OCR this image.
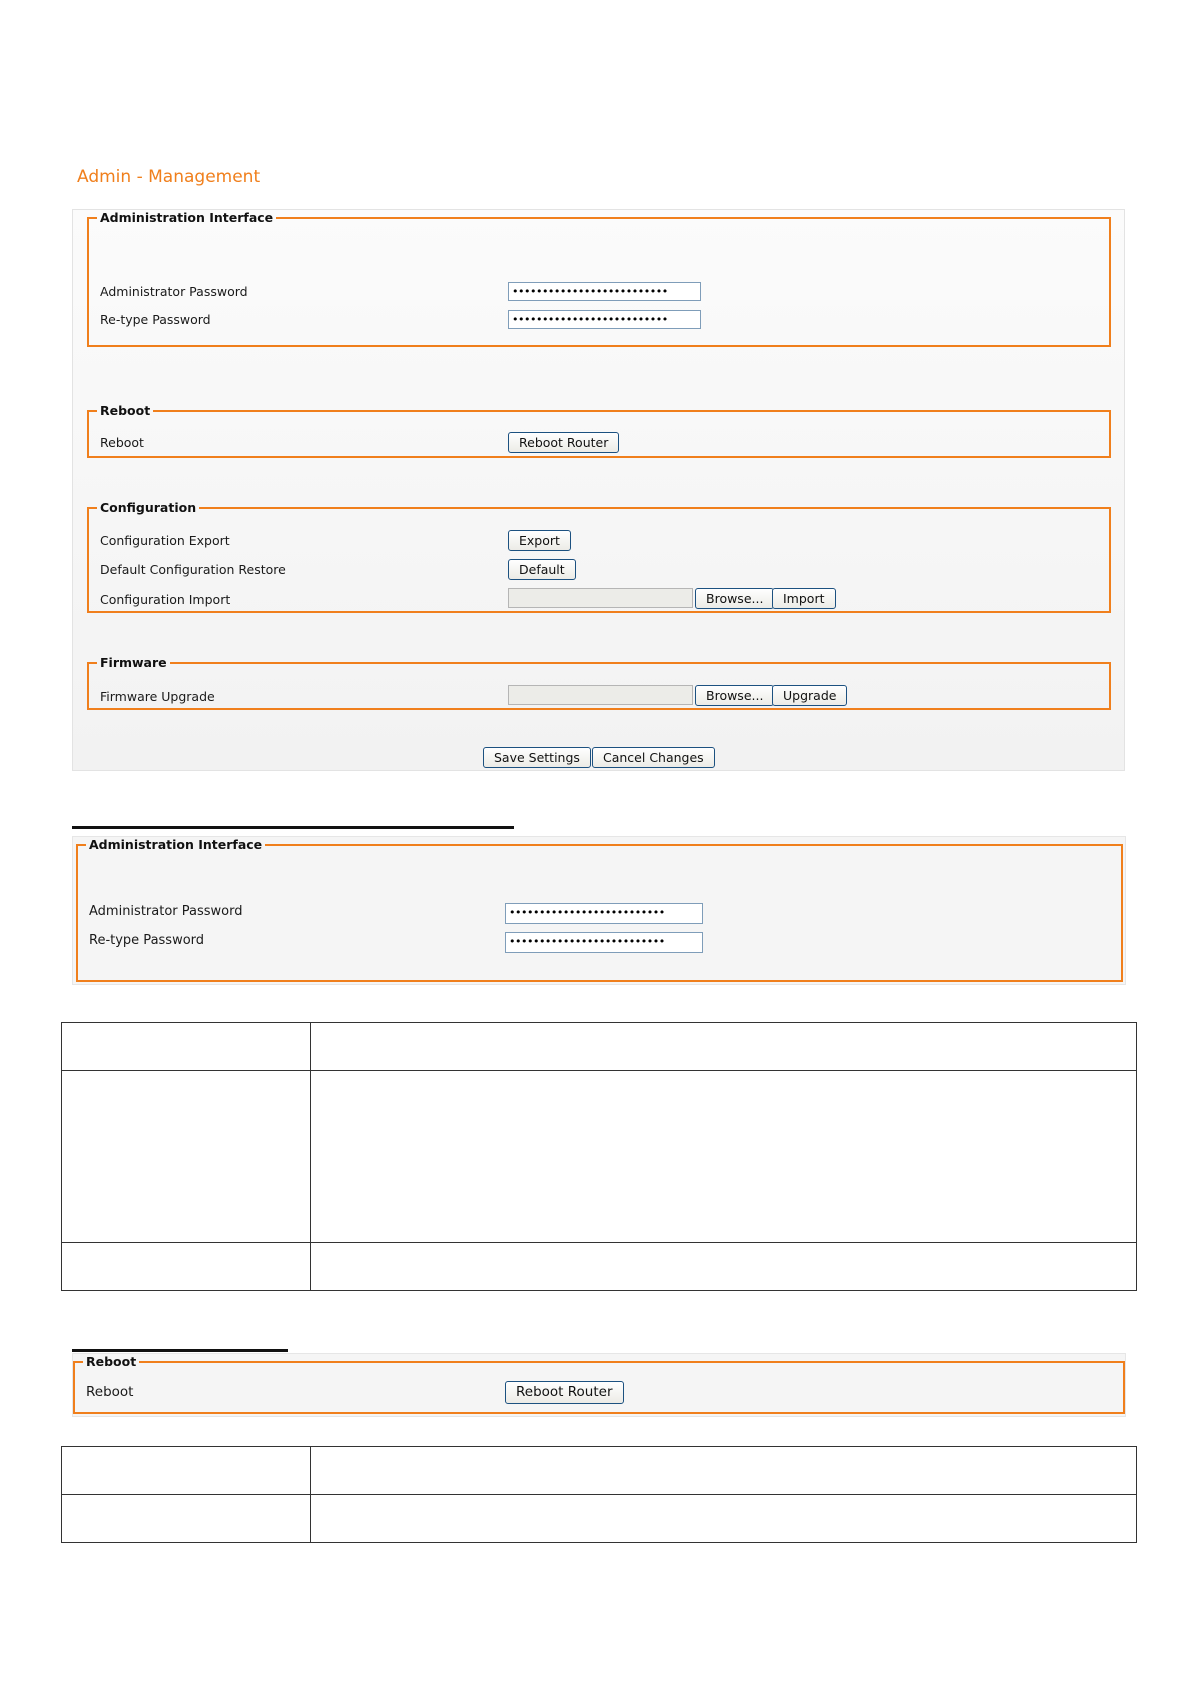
Admin - Management
Administration Interface
Administrator Password	••••••••••••••••••••••••••
Re-type Password	••••••••••••••••••••••••••
Reboot
Reboot	Reboot Router
Configuration
Configuration Export	Export
Default Configuration Restore	Default
Configuration Import	Browse...	Import
Firmware
Firmware Upgrade	Browse...	Upgrade
Save Settings	Cancel Changes
Administration Interface
Administrator Password	••••••••••••••••••••••••••
Re-type Password	••••••••••••••••••••••••••

Reboot
Reboot	Reboot Router
